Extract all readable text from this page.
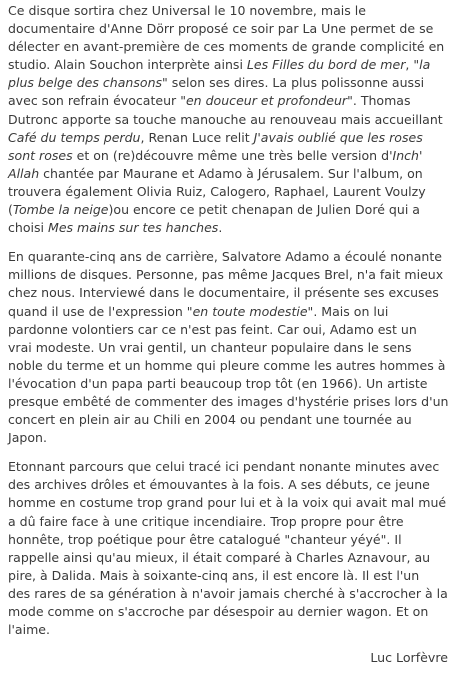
Ce disque sortira chez Universal le 10 novembre, mais le
documentaire d'Anne Dörr proposé ce soir par La Une permet de se
délecter en avant-première de ces moments de grande complicité en
studio. Alain Souchon interprète ainsi Les Filles du bord de mer, "la
plus belge des chansons" selon ses dires. La plus polissonne aussi
avec son refrain évocateur "en douceur et profondeur". Thomas
Dutronc apporte sa touche manouche au renouveau mais accueillant
Café du temps perdu, Renan Luce relit J'avais oublié que les roses
sont roses et on (re)découvre même une très belle version d'Inch'
Allah chantée par Maurane et Adamo à Jérusalem. Sur l'album, on
trouvera également Olivia Ruiz, Calogero, Raphael, Laurent Voulzy
(Tombe la neige)ou encore ce petit chenapan de Julien Doré qui a
choisi Mes mains sur tes hanches.

En quarante-cinq ans de carrière, Salvatore Adamo a écoulé nonante
millions de disques. Personne, pas même Jacques Brel, n'a fait mieux
chez nous. Interviewé dans le documentaire, il présente ses excuses
quand il use de l'expression "en toute modestie". Mais on lui
pardonne volontiers car ce n'est pas feint. Car oui, Adamo est un
vrai modeste. Un vrai gentil, un chanteur populaire dans le sens
noble du terme et un homme qui pleure comme les autres hommes à
l'évocation d'un papa parti beaucoup trop tôt (en 1966). Un artiste
presque embêté de commenter des images d'hystérie prises lors d'un
concert en plein air au Chili en 2004 ou pendant une tournée au
Japon.

Etonnant parcours que celui tracé ici pendant nonante minutes avec
des archives drôles et émouvantes à la fois. A ses débuts, ce jeune
homme en costume trop grand pour lui et à la voix qui avait mal mué
a dû faire face à une critique incendiaire. Trop propre pour être
honnête, trop poétique pour être catalogué "chanteur yéyé". Il
rappelle ainsi qu'au mieux, il était comparé à Charles Aznavour, au
pire, à Dalida. Mais à soixante-cinq ans, il est encore là. Il est l'un
des rares de sa génération à n'avoir jamais cherché à s'accrocher à la
mode comme on s'accroche par désespoir au dernier wagon. Et on
l'aime.

Luc Lorfèvre
